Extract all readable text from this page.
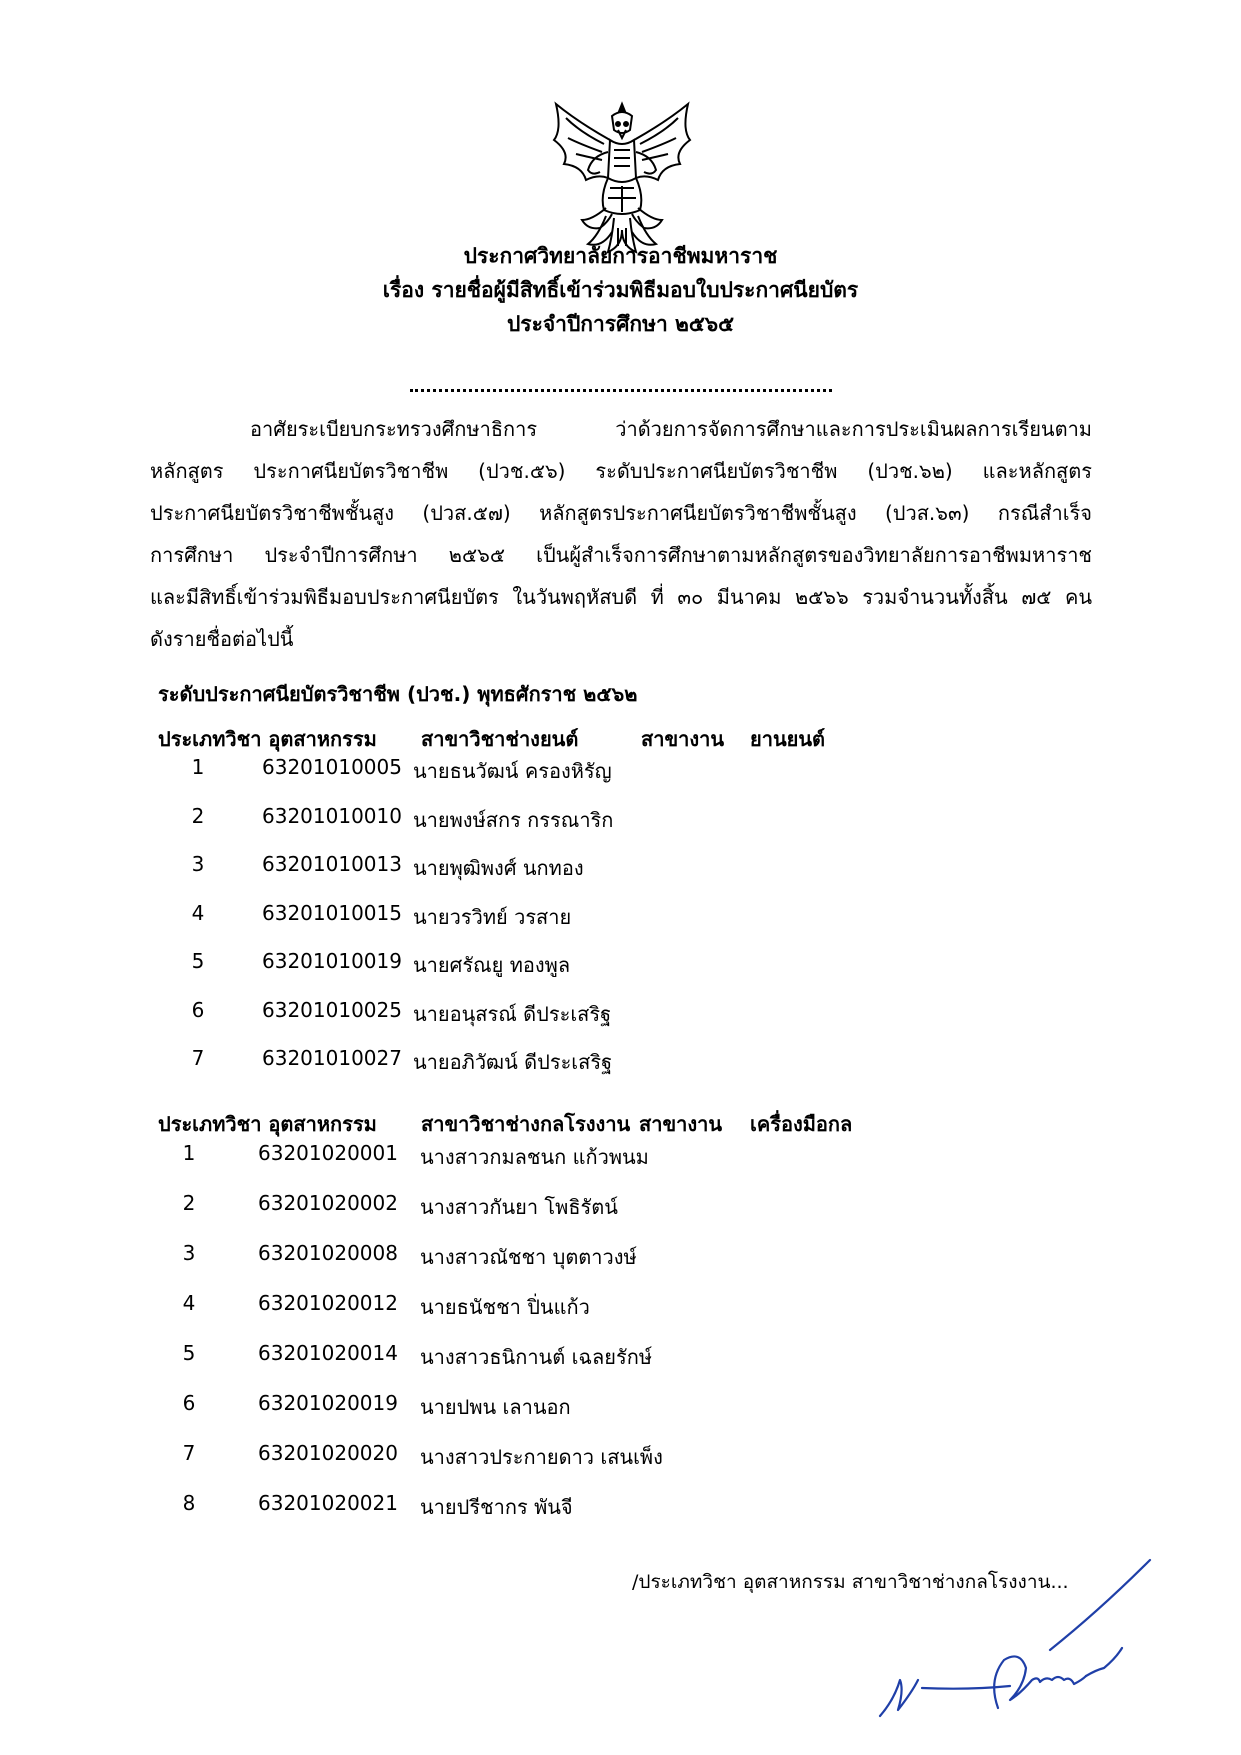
ประกาศวิทยาลัยการอาชีพมหาราช
เรื่อง รายชื่อผู้มีสิทธิ์เข้าร่วมพิธีมอบใบประกาศนียบัตร
ประจำปีการศึกษา ๒๕๖๕
อาศัยระเบียบกระทรวงศึกษาธิการ ว่าด้วยการจัดการศึกษาและการประเมินผลการเรียนตาม
หลักสูตร ประกาศนียบัตรวิชาชีพ (ปวช.๕๖) ระดับประกาศนียบัตรวิชาชีพ (ปวช.๖๒) และหลักสูตร
ประกาศนียบัตรวิชาชีพชั้นสูง (ปวส.๕๗) หลักสูตรประกาศนียบัตรวิชาชีพชั้นสูง (ปวส.๖๓) กรณีสำเร็จ
การศึกษา ประจำปีการศึกษา ๒๕๖๕ เป็นผู้สำเร็จการศึกษาตามหลักสูตรของวิทยาลัยการอาชีพมหาราช
และมีสิทธิ์เข้าร่วมพิธีมอบประกาศนียบัตร ในวันพฤหัสบดี ที่ ๓๐ มีนาคม ๒๕๖๖ รวมจำนวนทั้งสิ้น ๗๕ คน
ดังรายชื่อต่อไปนี้
ระดับประกาศนียบัตรวิชาชีพ (ปวช.) พุทธศักราช ๒๕๖๒
ประเภทวิชา อุตสาหกรรม สาขาวิชาช่างยนต์	สาขางาน ยานยนต์
1	63201010005 นายธนวัฒน์ ครองหิรัญ
2	63201010010 นายพงษ์สกร กรรณาริก
3	63201010013 นายพุฒิพงศ์ นกทอง
4	63201010015 นายวรวิทย์ วรสาย
5	63201010019 นายศรัณยู ทองพูล
6	63201010025 นายอนุสรณ์ ดีประเสริฐ
7	63201010027 นายอภิวัฒน์ ดีประเสริฐ
ประเภทวิชา อุตสาหกรรม สาขาวิชาช่างกลโรงงาน สาขางาน เครื่องมือกล
1	63201020001 นางสาวกมลชนก แก้วพนม
2	63201020002 นางสาวกันยา โพธิรัตน์
3	63201020008 นางสาวณัชชา บุตตาวงษ์
4	63201020012 นายธนัชชา ปิ่นแก้ว
5	63201020014 นางสาวธนิกานต์ เฉลยรักษ์
6	63201020019 นายปพน เลานอก
7	63201020020 นางสาวประกายดาว เสนเพ็ง
8	63201020021 นายปรีชากร พันจี
/ประเภทวิชา อุตสาหกรรม สาขาวิชาช่างกลโรงงาน...
